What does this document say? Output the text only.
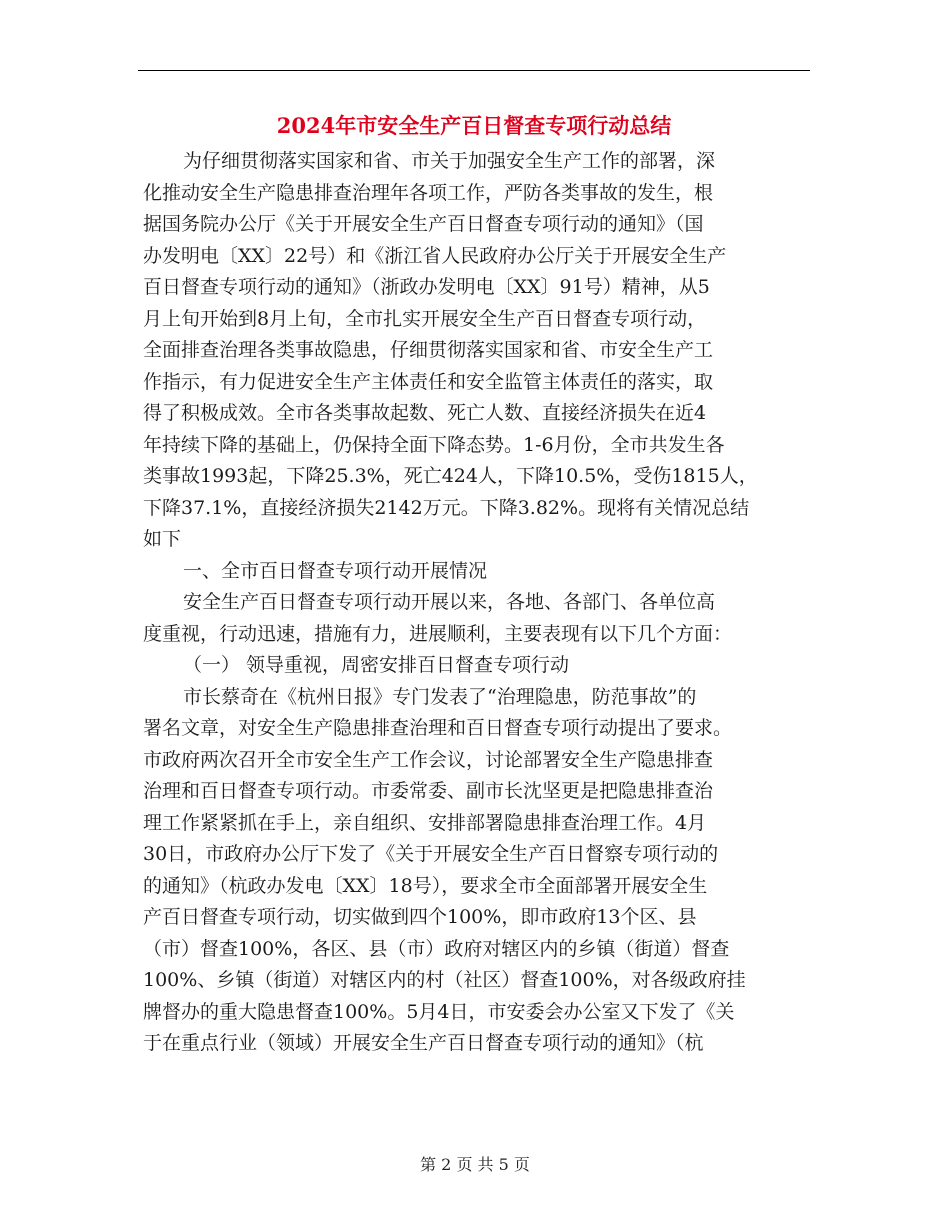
2024年市安全生产百日督查专项行动总结
为仔细贯彻落实国家和省、市关于加强安全生产工作的部署，深
化推动安全生产隐患排查治理年各项工作，严防各类事故的发生，根
据国务院办公厅《关于开展安全生产百日督查专项行动的通知》（国
办发明电〔XX〕22号）和《浙江省人民政府办公厅关于开展安全生产
百日督查专项行动的通知》（浙政办发明电〔XX〕91号）精神，从5
月上旬开始到8月上旬，全市扎实开展安全生产百日督查专项行动，
全面排查治理各类事故隐患，仔细贯彻落实国家和省、市安全生产工
作指示，有力促进安全生产主体责任和安全监管主体责任的落实，取
得了积极成效。全市各类事故起数、死亡人数、直接经济损失在近4
年持续下降的基础上，仍保持全面下降态势。1-6月份，全市共发生各
类事故1993起，下降25.3%，死亡424人，下降10.5%，受伤1815人，
下降37.1%，直接经济损失2142万元。下降3.82%。现将有关情况总结
如下
一、全市百日督查专项行动开展情况
安全生产百日督查专项行动开展以来，各地、各部门、各单位高
度重视，行动迅速，措施有力，进展顺利，主要表现有以下几个方面：
（一） 领导重视，周密安排百日督查专项行动
市长蔡奇在《杭州日报》专门发表了“治理隐患，防范事故”的
署名文章，对安全生产隐患排查治理和百日督查专项行动提出了要求。
市政府两次召开全市安全生产工作会议，讨论部署安全生产隐患排查
治理和百日督查专项行动。市委常委、副市长沈坚更是把隐患排查治
理工作紧紧抓在手上，亲自组织、安排部署隐患排查治理工作。4月
30日，市政府办公厅下发了《关于开展安全生产百日督察专项行动的
的通知》（杭政办发电〔XX〕18号），要求全市全面部署开展安全生
产百日督查专项行动，切实做到四个100%，即市政府13个区、县
（市）督查100%，各区、县（市）政府对辖区内的乡镇（街道）督查
100%、乡镇（街道）对辖区内的村（社区）督查100%，对各级政府挂
牌督办的重大隐患督查100%。5月4日，市安委会办公室又下发了《关
于在重点行业（领域）开展安全生产百日督查专项行动的通知》（杭
第 2 页 共 5 页
